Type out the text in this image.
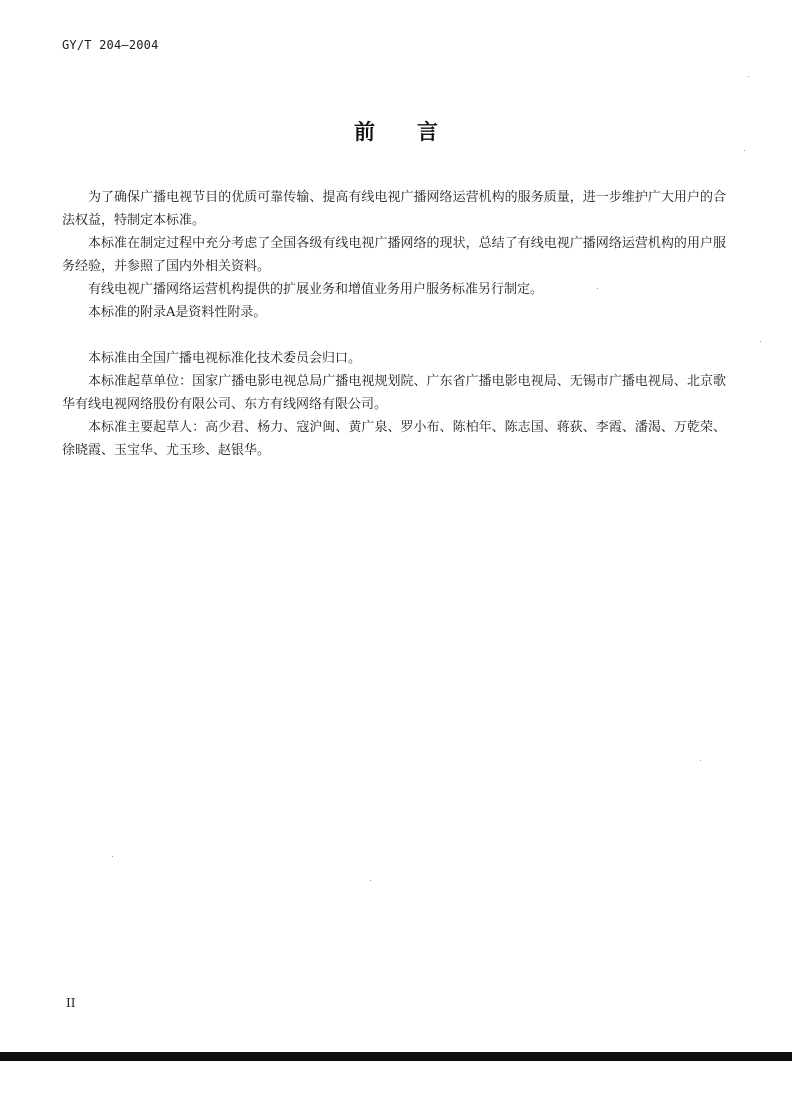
GY/T 204—2004
前 言

为了确保广播电视节目的优质可靠传输、提高有线电视广播网络运营机构的服务质量，进一步维护广大用户的合法权益，特制定本标准。

本标准在制定过程中充分考虑了全国各级有线电视广播网络的现状，总结了有线电视广播网络运营机构的用户服务经验，并参照了国内外相关资料。

有线电视广播网络运营机构提供的扩展业务和增值业务用户服务标准另行制定。

本标准的附录A是资料性附录。

本标准由全国广播电视标准化技术委员会归口。

本标准起草单位：国家广播电影电视总局广播电视规划院、广东省广播电影电视局、无锡市广播电视局、北京歌华有线电视网络股份有限公司、东方有线网络有限公司。

本标准主要起草人：高少君、杨力、寇沪闽、黄广泉、罗小布、陈柏年、陈志国、蒋荻、李霞、潘渴、万乾荣、徐晓霞、玉宝华、尤玉珍、赵银华。

II
